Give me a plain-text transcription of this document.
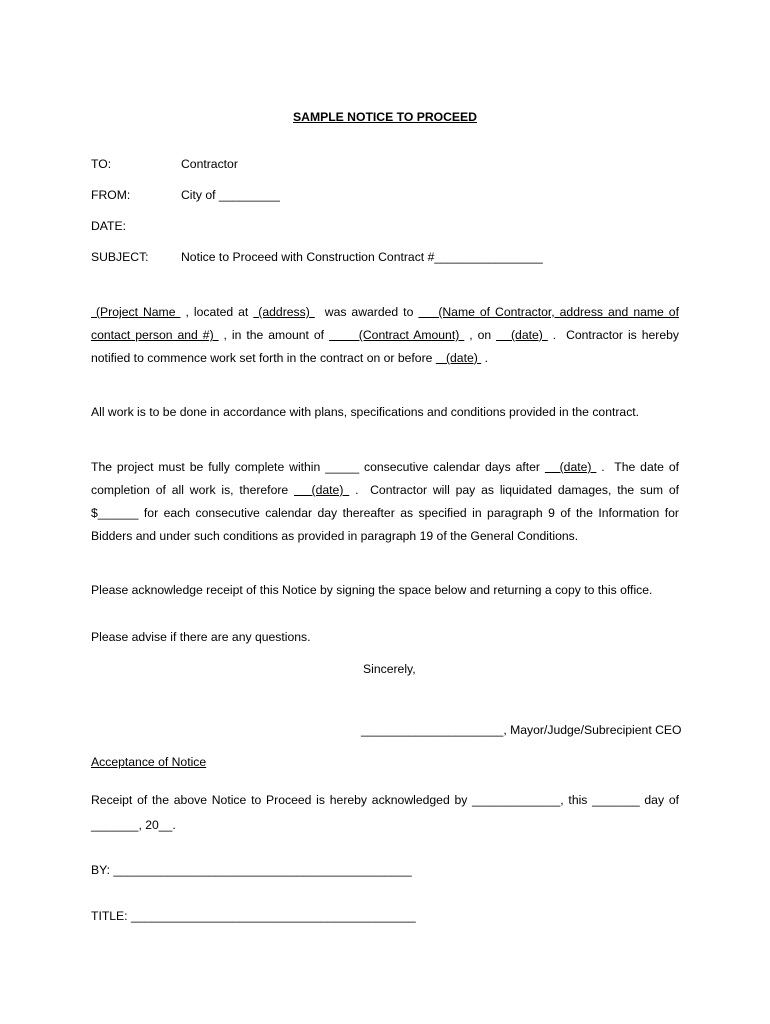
SAMPLE NOTICE TO PROCEED
TO:	Contractor
FROM:	City of _________
DATE:
SUBJECT:	Notice to Proceed with Construction Contract #________________
(Project Name  , located at  (address)   was awarded to     (Name of Contractor, address and name of
contact person and #)  , in the amount of       (Contract Amount)  , on    (date)  .  Contractor is hereby
notified to commence work set forth in the contract on or before    (date)  .
All work is to be done in accordance with plans, specifications and conditions provided in the contract.
The project must be fully complete within _____ consecutive calendar days after    (date)  .  The date of
completion of all work is, therefore    (date)  .  Contractor will pay as liquidated damages, the sum of
$______ for each consecutive calendar day thereafter as specified in paragraph 9 of the Information for
Bidders and under such conditions as provided in paragraph 19 of the General Conditions.
Please acknowledge receipt of this Notice by signing the space below and returning a copy to this office.
Please advise if there are any questions.
Sincerely,
_____________________, Mayor/Judge/Subrecipient CEO
Acceptance of Notice
Receipt of the above Notice to Proceed is hereby acknowledged by _____________, this _______ day of
_______, 20__.
BY: ____________________________________________
TITLE: __________________________________________
